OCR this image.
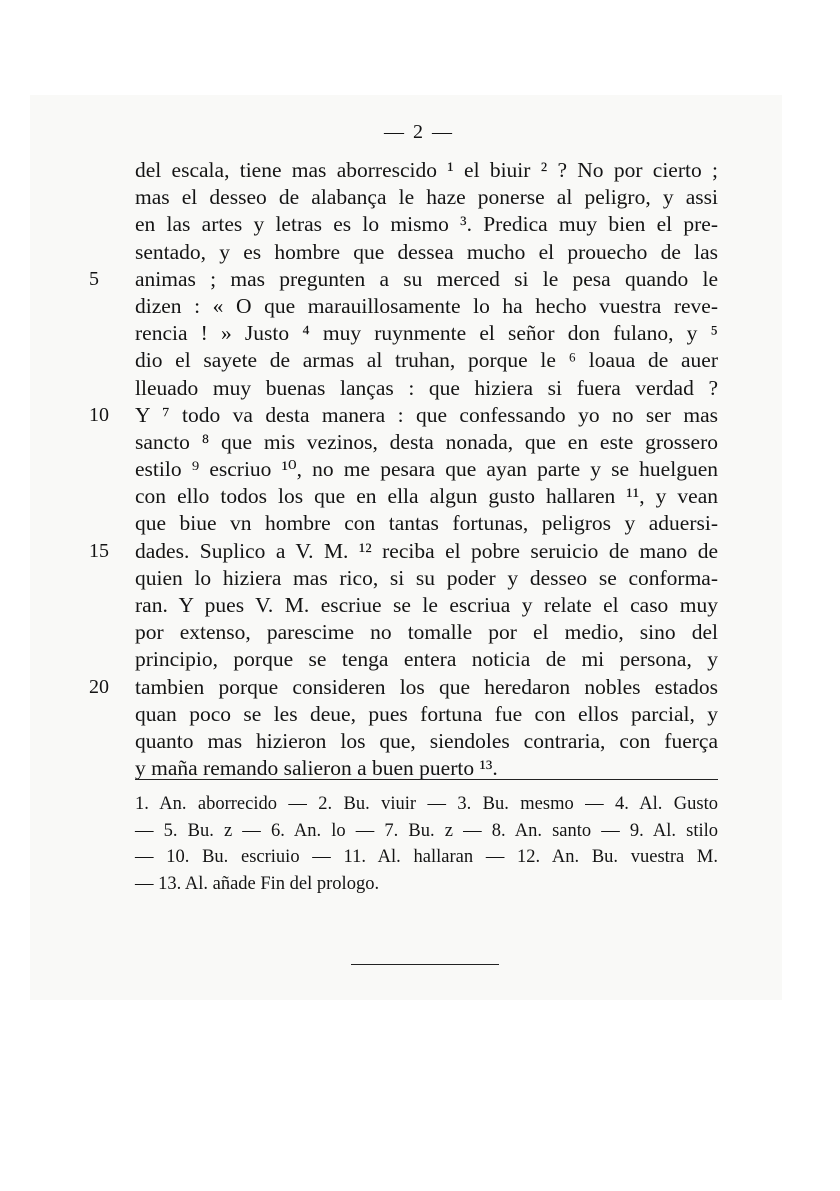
— 2 —
del escala, tiene mas aborrescido ¹ el biuir ² ? No por cierto ;
mas el desseo de alabança le haze ponerse al peligro, y assi
en las artes y letras es lo mismo ³. Predica muy bien el pre-
sentado, y es hombre que dessea mucho el prouecho de las
animas ; mas pregunten a su merced si le pesa quando le
dizen : « O que marauillosamente lo ha hecho vuestra reve-
rencia ! » Justo ⁴ muy ruynmente el señor don fulano, y ⁵
dio el sayete de armas al truhan, porque le ⁶ loaua de auer
lleuado muy buenas lanças : que hiziera si fuera verdad ?
Y ⁷ todo va desta manera : que confessando yo no ser mas
sancto ⁸ que mis vezinos, desta nonada, que en este grossero
estilo ⁹ escriuo ¹⁰, no me pesara que ayan parte y se huelguen
con ello todos los que en ella algun gusto hallaren ¹¹, y vean
que biue vn hombre con tantas fortunas, peligros y aduersi-
dades. Suplico a V. M. ¹² reciba el pobre seruicio de mano de
quien lo hiziera mas rico, si su poder y desseo se conforma-
ran. Y pues V. M. escriue se le escriua y relate el caso muy
por extenso, parescime no tomalle por el medio, sino del
principio, porque se tenga entera noticia de mi persona, y
tambien porque consideren los que heredaron nobles estados
quan poco se les deue, pues fortuna fue con ellos parcial, y
quanto mas hizieron los que, siendoles contraria, con fuerça
y maña remando salieron a buen puerto ¹³.
5
10
15
20
1. An. aborrecido — 2. Bu. viuir — 3. Bu. mesmo — 4. Al. Gusto
— 5. Bu. z — 6. An. lo — 7. Bu. z — 8. An. santo — 9. Al. stilo
— 10. Bu. escriuio — 11. Al. hallaran — 12. An. Bu. vuestra M.
— 13. Al. añade Fin del prologo.
